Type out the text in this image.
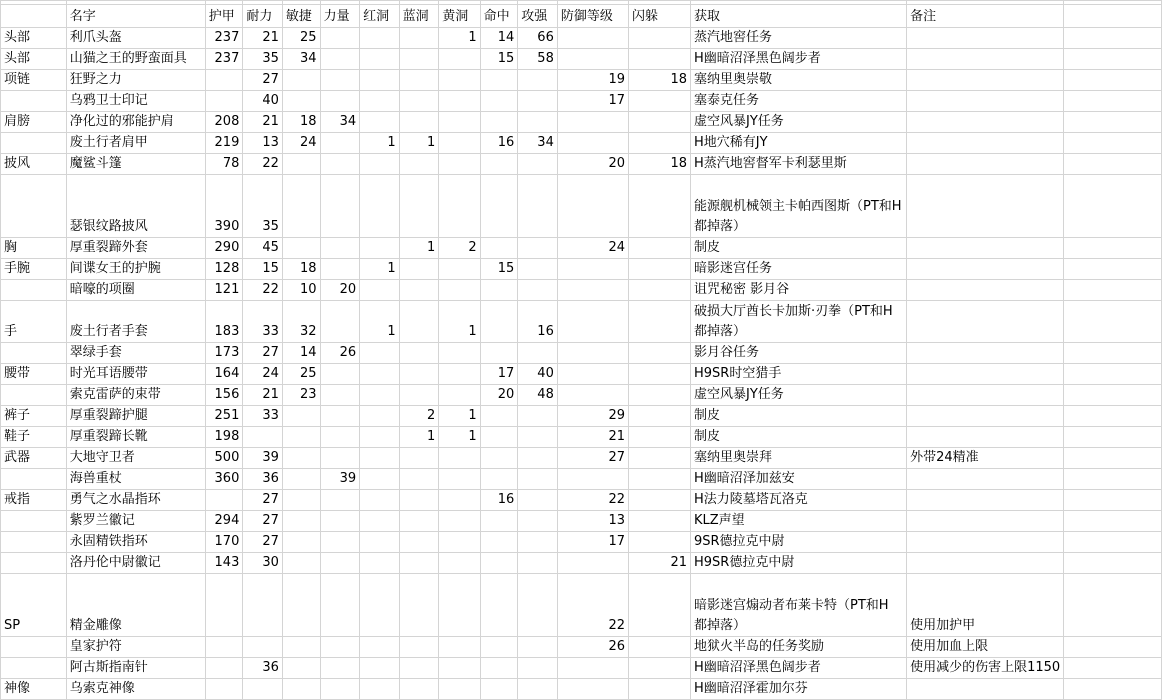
	名字	护甲	耐力	敏捷	力量	红洞	蓝洞	黄洞	命中	攻强	防御等级	闪躲	获取	备注	
头部	利爪头盔	237	21	25				1	14	66			蒸汽地窖任务		
头部	山猫之王的野蛮面具	237	35	34					15	58			H幽暗沼泽黑色阔步者		
项链	狂野之力		27								19	18	塞纳里奥崇敬		
	乌鸦卫士印记		40								17		塞泰克任务		
肩膀	净化过的邪能护肩	208	21	18	34								虚空风暴JY任务		
	废土行者肩甲	219	13	24		1	1		16	34			H地穴稀有JY		
披风	魔鲨斗篷	78	22								20	18	H蒸汽地窖督军卡利瑟里斯		
	瑟银纹路披风	390	35										能源舰机械领主卡帕西图斯（PT和H 都掉落）		
胸	厚重裂蹄外套	290	45				1	2			24		制皮		
手腕	间谍女王的护腕	128	15	18		1			15				暗影迷宫任务		
	暗嚎的项圈	121	22	10	20								诅咒秘密 影月谷		
手	废土行者手套	183	33	32		1		1		16			破损大厅酋长卡加斯·刃拳（PT和H 都掉落）		
	翠绿手套	173	27	14	26								影月谷任务		
腰带	时光耳语腰带	164	24	25					17	40			H9SR时空猎手		
	索克雷萨的束带	156	21	23					20	48			虚空风暴JY任务		
裤子	厚重裂蹄护腿	251	33				2	1			29		制皮		
鞋子	厚重裂蹄长靴	198					1	1			21		制皮		
武器	大地守卫者	500	39								27		塞纳里奥崇拜	外带24精准	
	海兽重杖	360	36		39								H幽暗沼泽加兹安		
戒指	勇气之水晶指环		27						16		22		H法力陵墓塔瓦洛克		
	紫罗兰徽记	294	27								13		KLZ声望		
	永固精铁指环	170	27								17		9SR德拉克中尉		
	洛丹伦中尉徽记	143	30									21	H9SR德拉克中尉		
SP	精金雕像										22		暗影迷宫煽动者布莱卡特（PT和H 都掉落）	使用加护甲	
	皇家护符										26		地狱火半岛的任务奖励	使用加血上限	
	阿古斯指南针		36										H幽暗沼泽黑色阔步者	使用减少的伤害上限1150	
神像	乌索克神像												H幽暗沼泽霍加尔芬		
